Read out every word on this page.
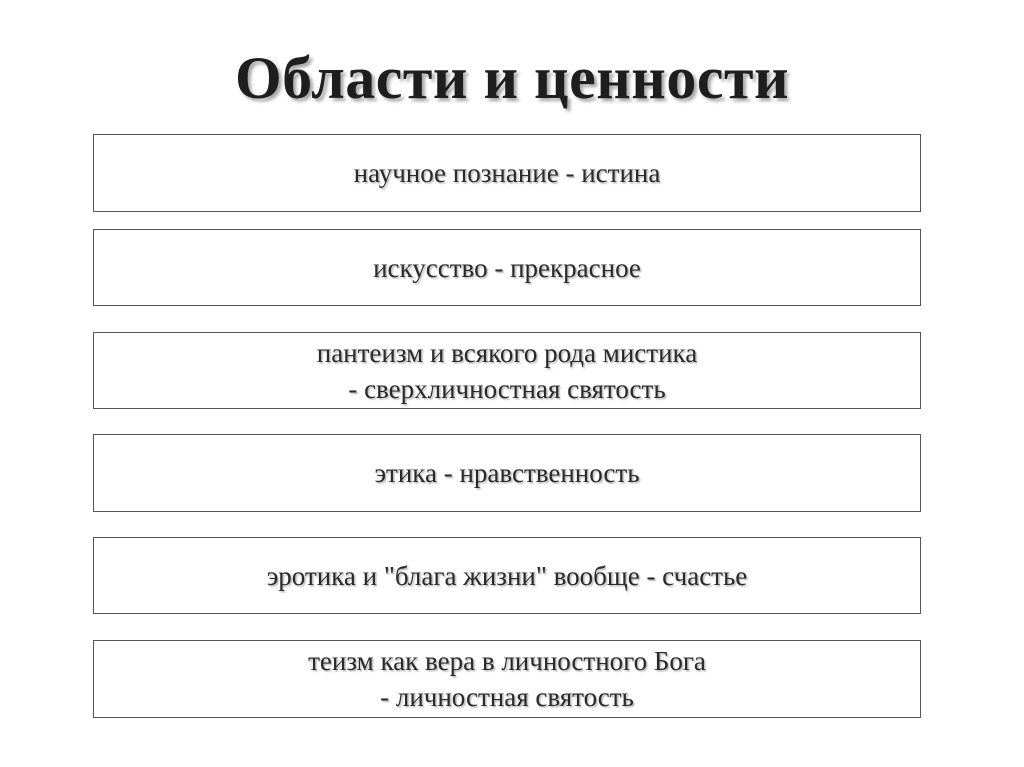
Области и ценности
научное познание - истина
искусство - прекрасное
пантеизм и всякого рода мистика
- сверхличностная святость
этика - нравственность
эротика и "блага жизни" вообще - счастье
теизм как вера в личностного Бога
- личностная святость
